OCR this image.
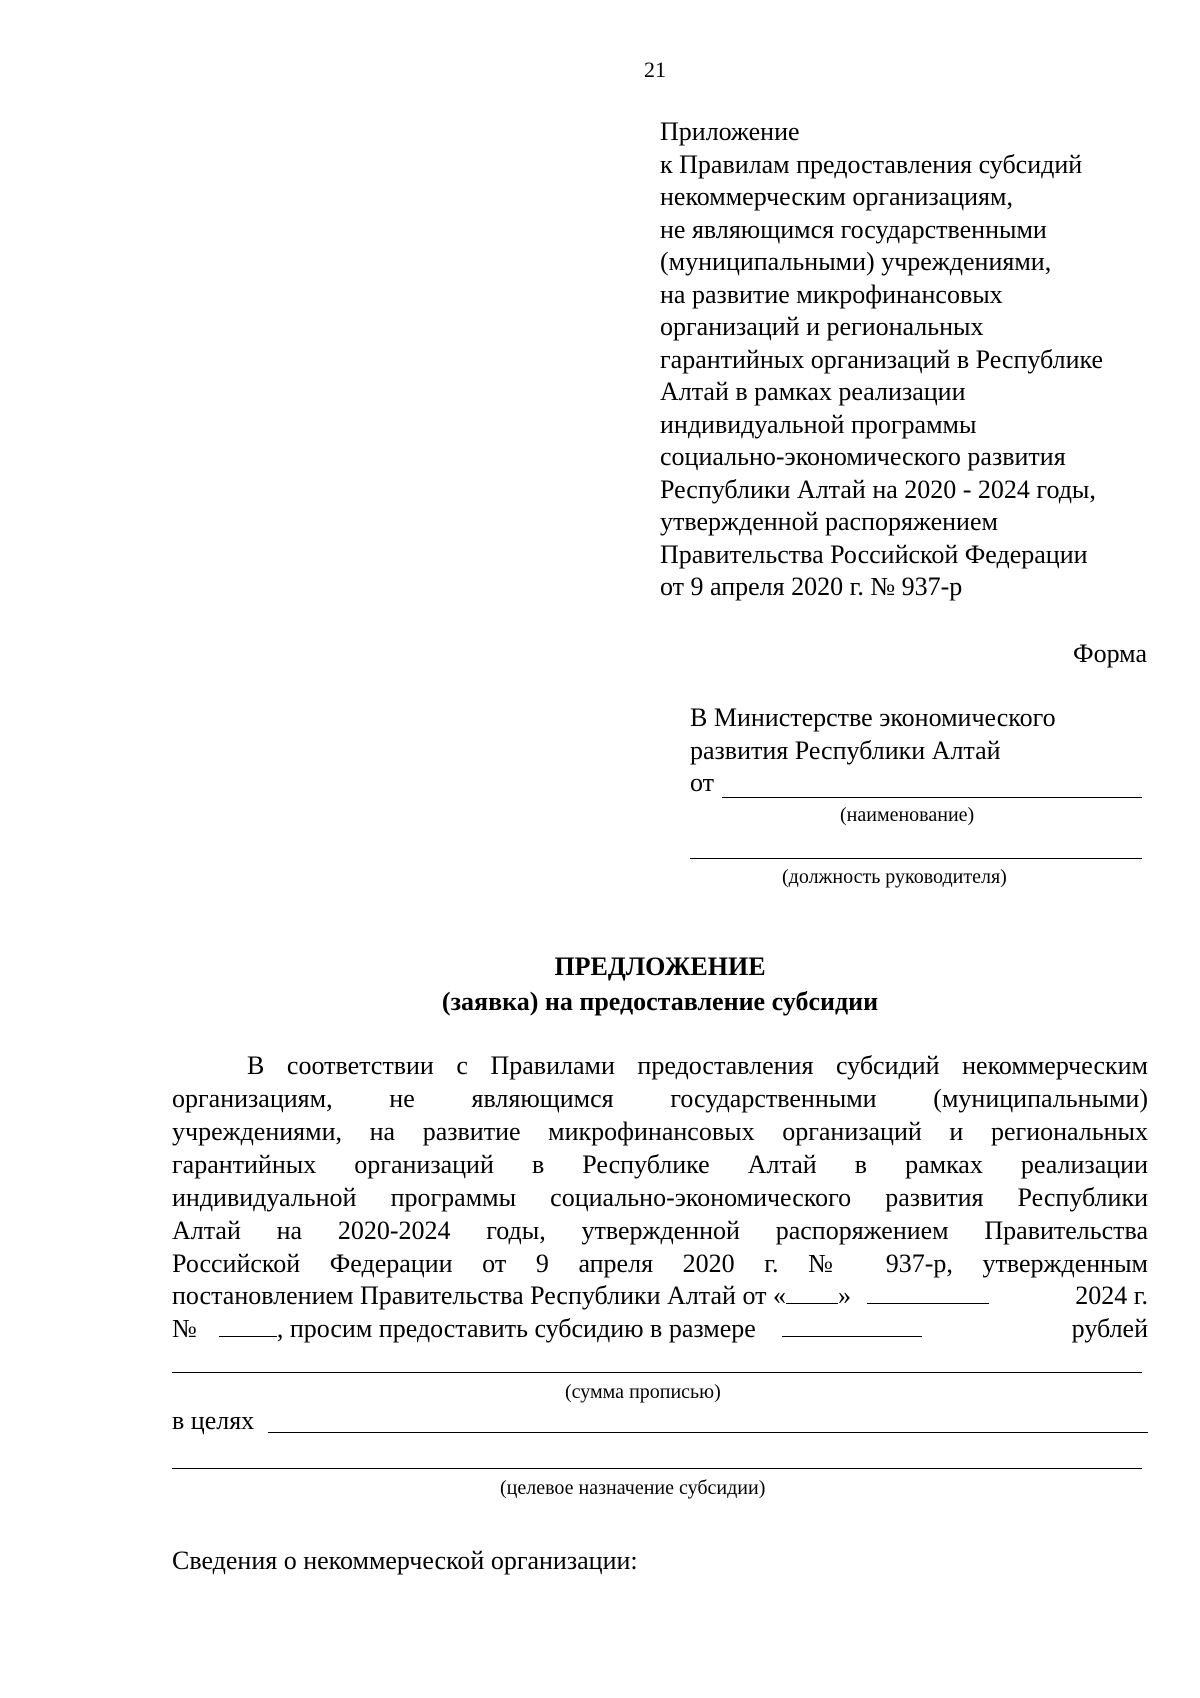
21
Приложение
к Правилам предоставления субсидий
некоммерческим организациям,
не являющимся государственными
(муниципальными) учреждениями,
на развитие микрофинансовых
организаций и региональных
гарантийных организаций в Республике
Алтай в рамках реализации
индивидуальной программы
социально-экономического развития
Республики Алтай на 2020 - 2024 годы,
утвержденной распоряжением
Правительства Российской Федерации
от 9 апреля 2020 г. № 937-р
Форма
В Министерстве экономического
развития Республики Алтай
от
(наименование)
(должность руководителя)
ПРЕДЛОЖЕНИЕ
(заявка) на предоставление субсидии
В соответствии с Правилами предоставления субсидий некоммерческим
организациям, не являющимся государственными (муниципальными)
учреждениями, на развитие микрофинансовых организаций и региональных
гарантийных организаций в Республике Алтай в рамках реализации
индивидуальной программы социально-экономического развития Республики
Алтай на 2020-2024 годы, утвержденной распоряжением Правительства
Российской Федерации от 9 апреля 2020 г. № 937-р, утвержденным
постановлением Правительства Республики Алтай от « »	2024 г.
№	, просим предоставить субсидию в размере	рублей
(сумма прописью)
в целях
(целевое назначение субсидии)
Сведения о некоммерческой организации:
